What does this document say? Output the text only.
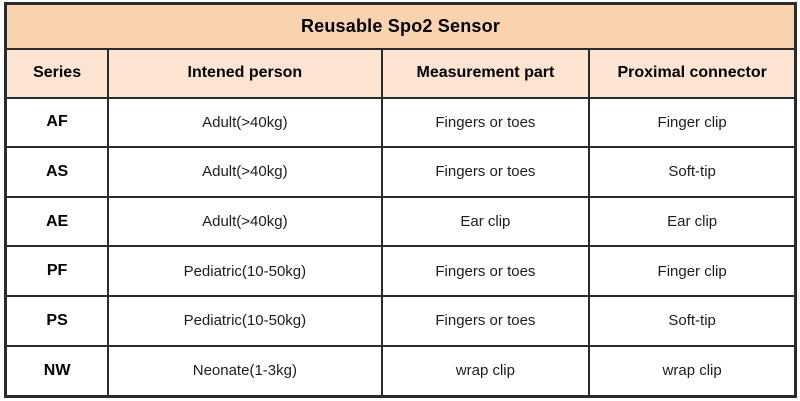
Reusable Spo2 Sensor			
Series	Intened person	Measurement part	Proximal connector
AF	Adult(>40kg)	Fingers or toes	Finger clip
AS	Adult(>40kg)	Fingers or toes	Soft-tip
AE	Adult(>40kg)	Ear clip	Ear clip
PF	Pediatric(10-50kg)	Fingers or toes	Finger clip
PS	Pediatric(10-50kg)	Fingers or toes	Soft-tip
NW	Neonate(1-3kg)	wrap clip	wrap clip
